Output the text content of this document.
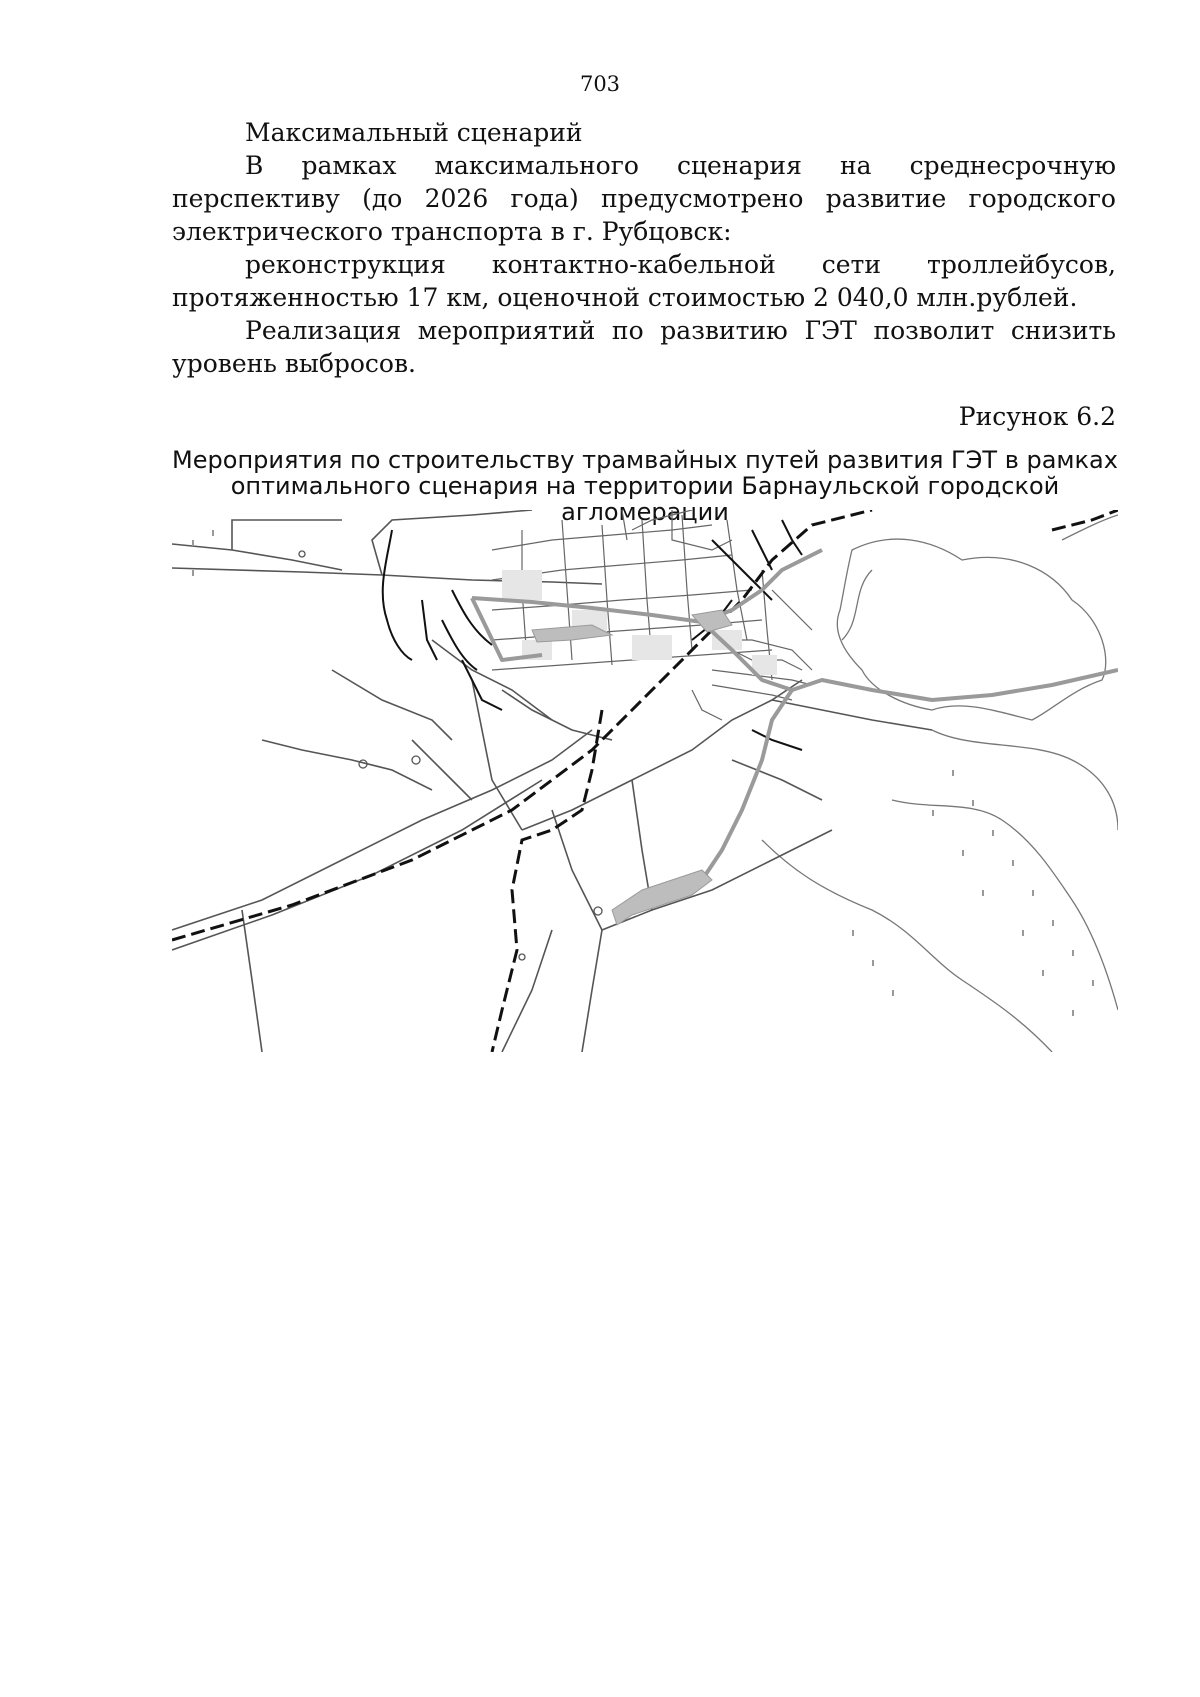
703

Максимальный сценарий

В рамках максимального сценария на среднесрочную перспективу (до 2026 года) предусмотрено развитие городского электрического транспорта в г. Рубцовск:

реконструкция контактно-кабельной сети троллейбусов,

протяженностью 17 км, оценочной стоимостью 2 040,0 млн.рублей.

Реализация мероприятий по развитию ГЭТ позволит снизить уровень выбросов.

Рисунок 6.2
Мероприятия по строительству трамвайных путей развития ГЭТ в рамках
оптимального сценария на территории Барнаульской городской агломерации
